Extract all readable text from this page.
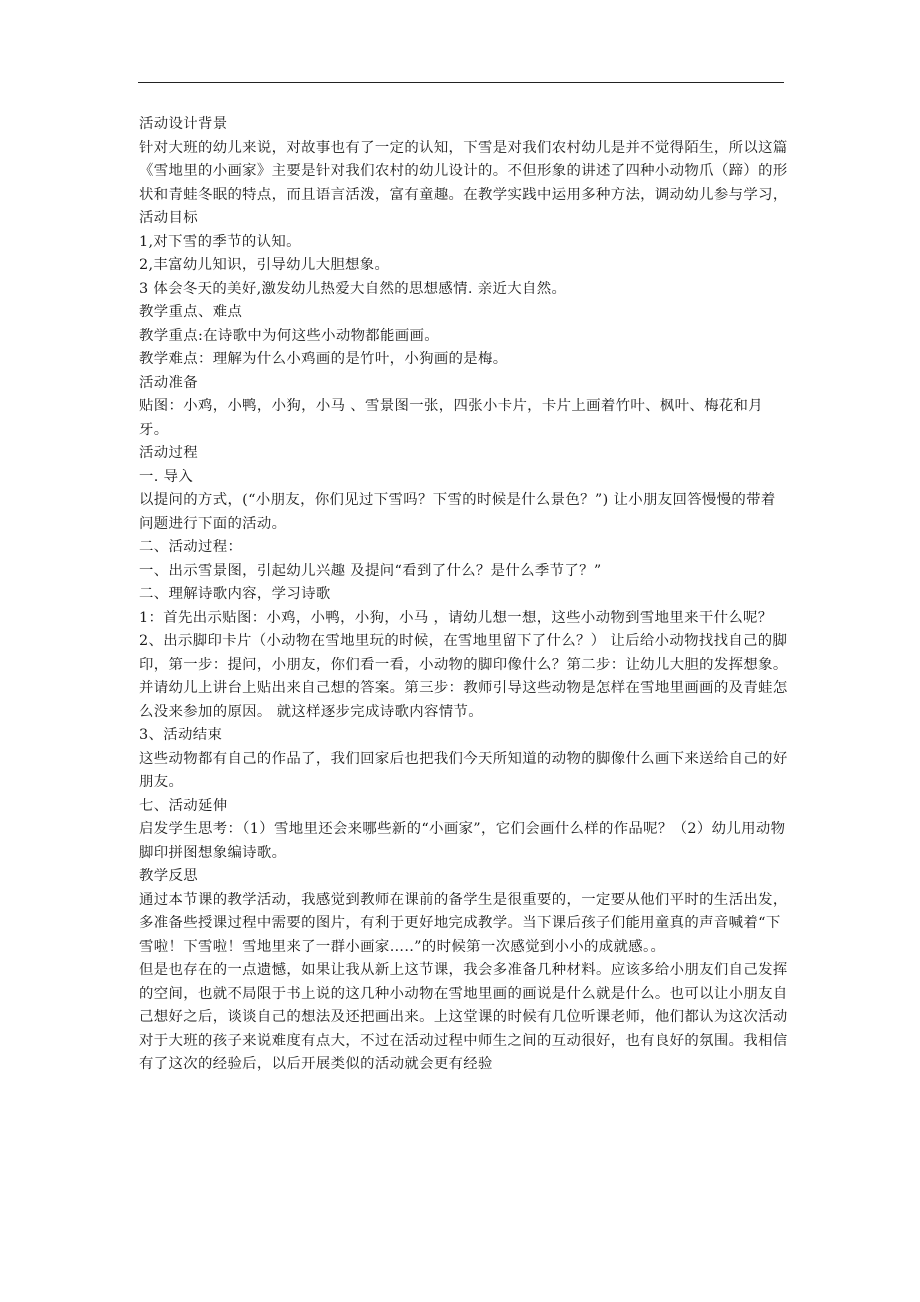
活动设计背景

针对大班的幼儿来说，对故事也有了一定的认知，下雪是对我们农村幼儿是并不觉得陌生，所以这篇《雪地里的小画家》主要是针对我们农村的幼儿设计的。不但形象的讲述了四种小动物爪（蹄）的形状和青蛙冬眠的特点，而且语言活泼，富有童趣。在教学实践中运用多种方法，调动幼儿参与学习，

活动目标

1,对下雪的季节的认知。

2,丰富幼儿知识，引导幼儿大胆想象。

3 体会冬天的美好,激发幼儿热爱大自然的思想感情. 亲近大自然。

教学重点、难点

教学重点:在诗歌中为何这些小动物都能画画。

教学难点：理解为什么小鸡画的是竹叶，小狗画的是梅。

活动准备

贴图：小鸡，小鸭，小狗，小马 、雪景图一张，四张小卡片，卡片上画着竹叶、枫叶、梅花和月牙。

活动过程

一. 导入

以提问的方式，(“小朋友，你们见过下雪吗？下雪的时候是什么景色？”) 让小朋友回答慢慢的带着问题进行下面的活动。

二、活动过程：

一、出示雪景图，引起幼儿兴趣 及提问“看到了什么？是什么季节了？”

二、理解诗歌内容，学习诗歌

1：首先出示贴图：小鸡，小鸭，小狗，小马 ，请幼儿想一想，这些小动物到雪地里来干什么呢？

2、出示脚印卡片（小动物在雪地里玩的时候，在雪地里留下了什么？） 让后给小动物找找自己的脚印，第一步：提问，小朋友，你们看一看，小动物的脚印像什么？第二步：让幼儿大胆的发挥想象。并请幼儿上讲台上贴出来自己想的答案。第三步：教师引导这些动物是怎样在雪地里画画的及青蛙怎么没来参加的原因。 就这样逐步完成诗歌内容情节。

3、活动结束

这些动物都有自己的作品了，我们回家后也把我们今天所知道的动物的脚像什么画下来送给自己的好朋友。

七、活动延伸

启发学生思考：（1）雪地里还会来哪些新的“小画家”，它们会画什么样的作品呢？（2）幼儿用动物脚印拼图想象编诗歌。

教学反思

通过本节课的教学活动，我感觉到教师在课前的备学生是很重要的，一定要从他们平时的生活出发，多准备些授课过程中需要的图片，有利于更好地完成教学。当下课后孩子们能用童真的声音喊着“下雪啦！下雪啦！雪地里来了一群小画家…..”的时候第一次感觉到小小的成就感。。

但是也存在的一点遗憾，如果让我从新上这节课，我会多准备几种材料。应该多给小朋友们自己发挥的空间，也就不局限于书上说的这几种小动物在雪地里画的画说是什么就是什么。也可以让小朋友自己想好之后，谈谈自己的想法及还把画出来。上这堂课的时候有几位听课老师，他们都认为这次活动对于大班的孩子来说难度有点大，不过在活动过程中师生之间的互动很好，也有良好的氛围。我相信有了这次的经验后，以后开展类似的活动就会更有经验
